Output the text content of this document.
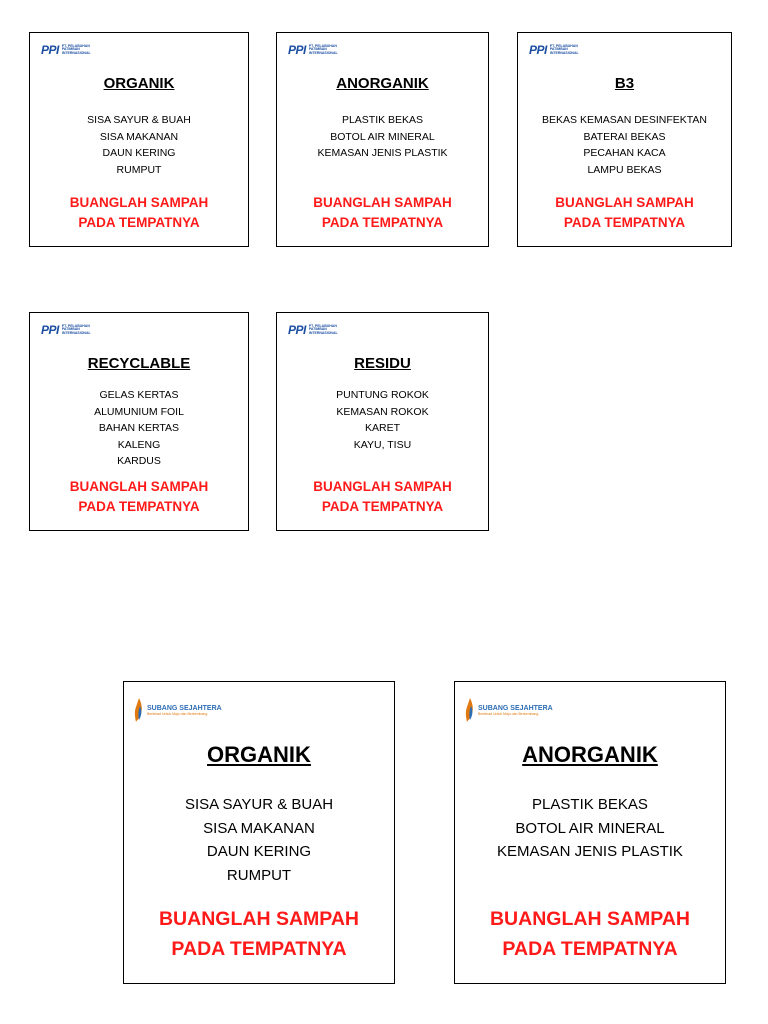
PPI PT. PELABUHAN
PATIMBAN
INTERNASIONAL
ORGANIK
SISA SAYUR & BUAH
SISA MAKANAN
DAUN KERING
RUMPUT
BUANGLAH SAMPAH
PADA TEMPATNYA
PPI PT. PELABUHAN
PATIMBAN
INTERNASIONAL
ANORGANIK
PLASTIK BEKAS
BOTOL AIR MINERAL
KEMASAN JENIS PLASTIK
BUANGLAH SAMPAH
PADA TEMPATNYA
PPI PT. PELABUHAN
PATIMBAN
INTERNASIONAL
B3
BEKAS KEMASAN DESINFEKTAN
BATERAI BEKAS
PECAHAN KACA
LAMPU BEKAS
BUANGLAH SAMPAH
PADA TEMPATNYA
PPI PT. PELABUHAN
PATIMBAN
INTERNASIONAL
RECYCLABLE
GELAS KERTAS
ALUMUNIUM FOIL
BAHAN KERTAS
KALENG
KARDUS
BUANGLAH SAMPAH
PADA TEMPATNYA
PPI PT. PELABUHAN
PATIMBAN
INTERNASIONAL
RESIDU
PUNTUNG ROKOK
KEMASAN ROKOK
KARET
KAYU, TISU
BUANGLAH SAMPAH
PADA TEMPATNYA
SUBANG SEJAHTERA
Bertekad Untuk Maju dan Berkembang
ORGANIK
SISA SAYUR & BUAH
SISA MAKANAN
DAUN KERING
RUMPUT
BUANGLAH SAMPAH
PADA TEMPATNYA
SUBANG SEJAHTERA
Bertekad Untuk Maju dan Berkembang
ANORGANIK
PLASTIK BEKAS
BOTOL AIR MINERAL
KEMASAN JENIS PLASTIK
BUANGLAH SAMPAH
PADA TEMPATNYA
